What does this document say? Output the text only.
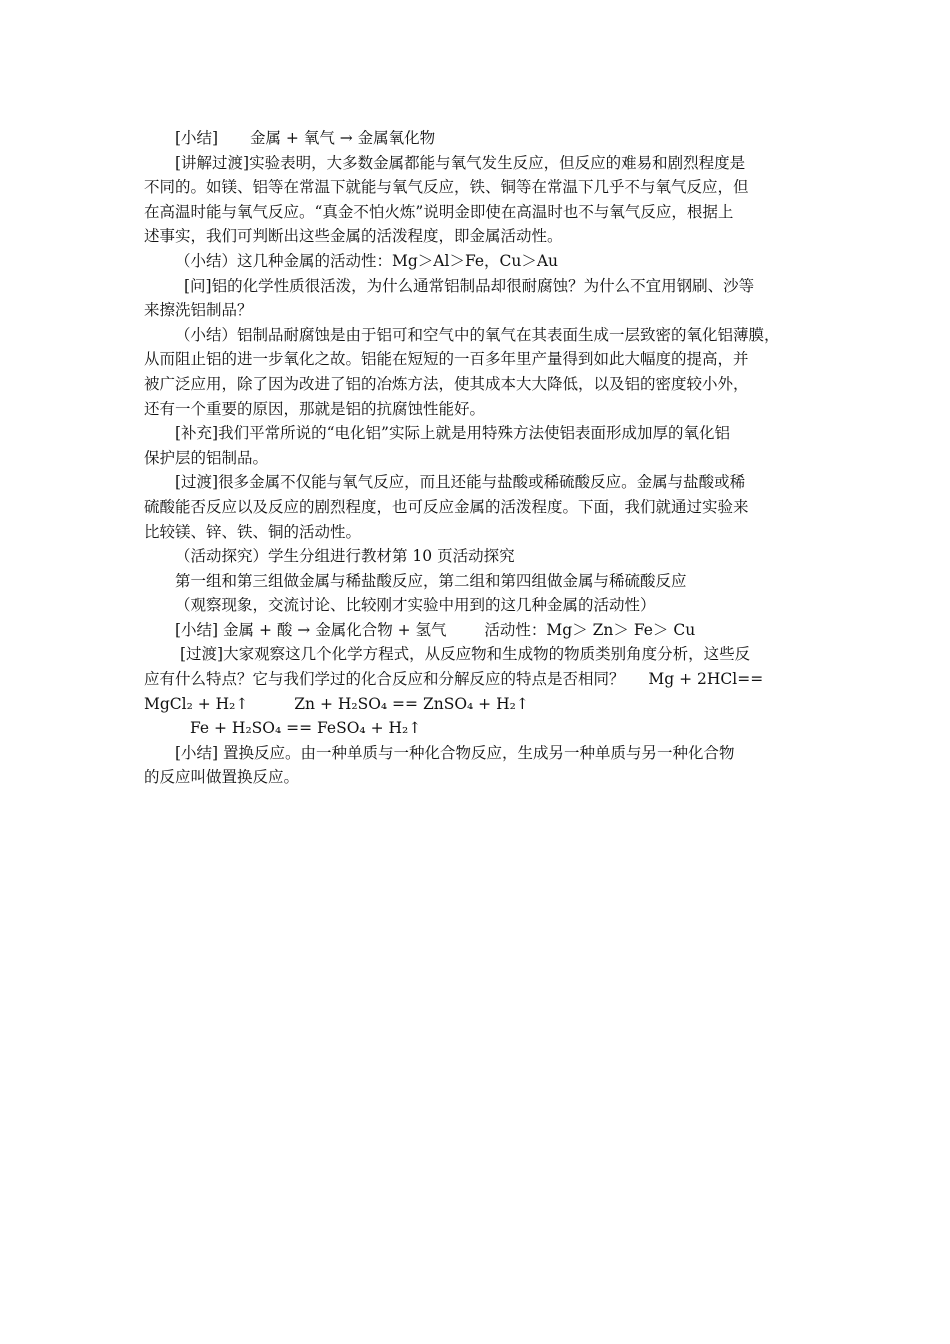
[小结] 金属 + 氧气 → 金属氧化物
[讲解过渡]实验表明，大多数金属都能与氧气发生反应，但反应的难易和剧烈程度是
不同的。如镁、铝等在常温下就能与氧气反应，铁、铜等在常温下几乎不与氧气反应，但
在高温时能与氧气反应。“真金不怕火炼”说明金即使在高温时也不与氧气反应，根据上
述事实，我们可判断出这些金属的活泼程度，即金属活动性。
（小结）这几种金属的活动性：Mg＞Al＞Fe，Cu＞Au
[问]铝的化学性质很活泼，为什么通常铝制品却很耐腐蚀？为什么不宜用钢刷、沙等
来擦洗铝制品？
（小结）铝制品耐腐蚀是由于铝可和空气中的氧气在其表面生成一层致密的氧化铝薄膜，
从而阻止铝的进一步氧化之故。铝能在短短的一百多年里产量得到如此大幅度的提高，并
被广泛应用，除了因为改进了铝的冶炼方法，使其成本大大降低，以及铝的密度较小外，
还有一个重要的原因，那就是铝的抗腐蚀性能好。
[补充]我们平常所说的“电化铝”实际上就是用特殊方法使铝表面形成加厚的氧化铝
保护层的铝制品。
[过渡]很多金属不仅能与氧气反应，而且还能与盐酸或稀硫酸反应。金属与盐酸或稀
硫酸能否反应以及反应的剧烈程度，也可反应金属的活泼程度。下面，我们就通过实验来
比较镁、锌、铁、铜的活动性。
（活动探究）学生分组进行教材第 10 页活动探究
第一组和第三组做金属与稀盐酸反应，第二组和第四组做金属与稀硫酸反应
（观察现象，交流讨论、比较刚才实验中用到的这几种金属的活动性）
[小结] 金属 + 酸 → 金属化合物 + 氢气 活动性：Mg＞ Zn＞ Fe＞ Cu
[过渡]大家观察这几个化学方程式，从反应物和生成物的物质类别角度分析，这些反
应有什么特点？它与我们学过的化合反应和分解反应的特点是否相同？ Mg + 2HCl==
MgCl₂ + H₂↑	Zn + H₂SO₄ == ZnSO₄ + H₂↑
Fe + H₂SO₄ == FeSO₄ + H₂↑
[小结] 置换反应。由一种单质与一种化合物反应，生成另一种单质与另一种化合物
的反应叫做置换反应。
